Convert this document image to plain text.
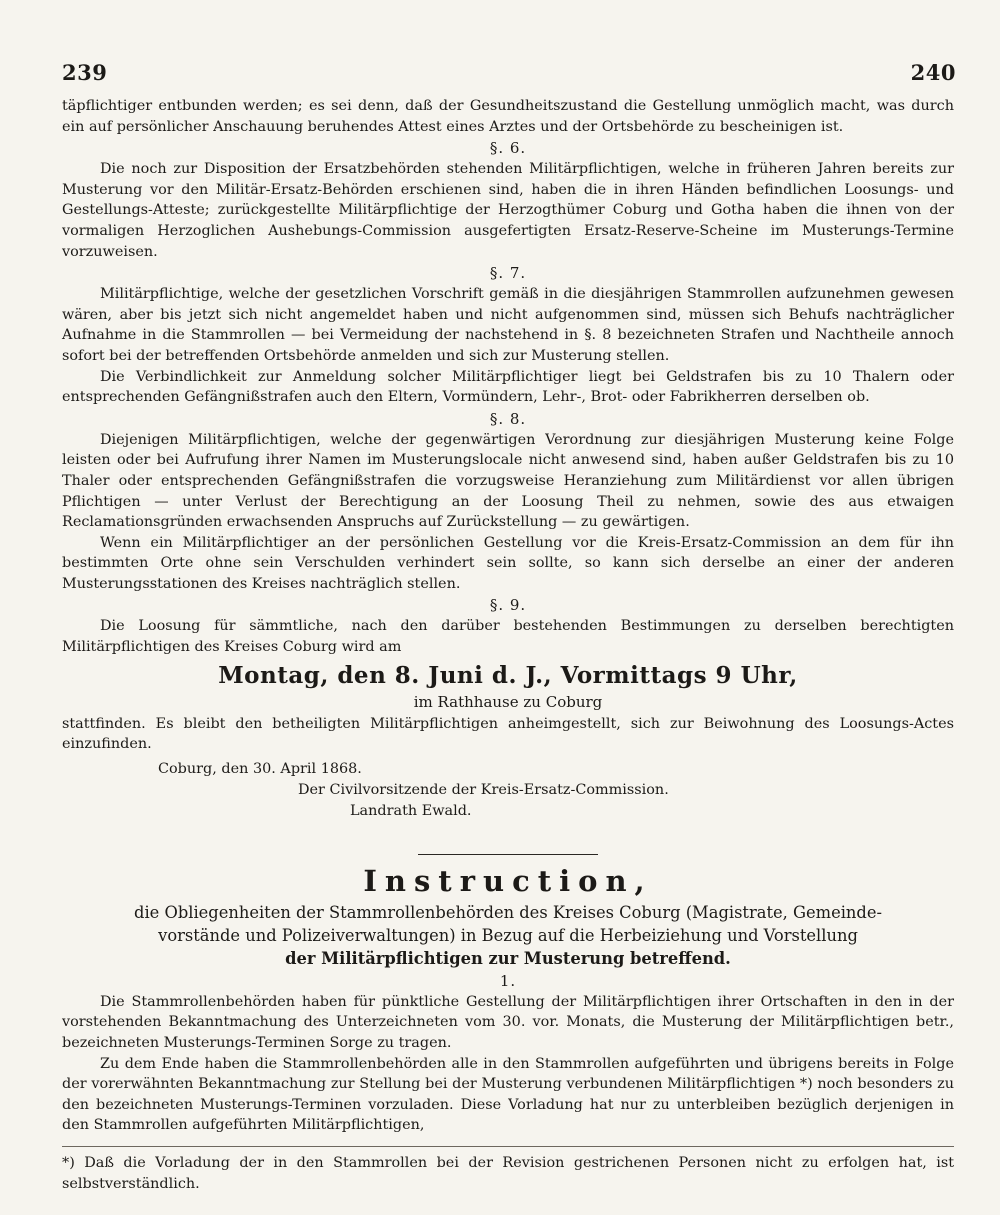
239	240

täpflichtiger entbunden werden; es sei denn, daß der Gesundheitszustand die Gestellung unmöglich macht, was durch ein auf persönlicher Anschauung beruhendes Attest eines Arztes und der Ortsbehörde zu bescheinigen ist.

§. 6.

Die noch zur Disposition der Ersatzbehörden stehenden Militärpflichtigen, welche in früheren Jahren bereits zur Musterung vor den Militär-Ersatz-Behörden erschienen sind, haben die in ihren Händen befindlichen Loosungs- und Gestellungs-Atteste; zurückgestellte Militärpflichtige der Herzogthümer Coburg und Gotha haben die ihnen von der vormaligen Herzoglichen Aushebungs-Commission ausgefertigten Ersatz-Reserve-Scheine im Musterungs-Termine vorzuweisen.

§. 7.

Militärpflichtige, welche der gesetzlichen Vorschrift gemäß in die diesjährigen Stammrollen aufzunehmen gewesen wären, aber bis jetzt sich nicht angemeldet haben und nicht aufgenommen sind, müssen sich Behufs nachträglicher Aufnahme in die Stammrollen — bei Vermeidung der nachstehend in §. 8 bezeichneten Strafen und Nachtheile annoch sofort bei der betreffenden Ortsbehörde anmelden und sich zur Musterung stellen.

Die Verbindlichkeit zur Anmeldung solcher Militärpflichtiger liegt bei Geldstrafen bis zu 10 Thalern oder entsprechenden Gefängnißstrafen auch den Eltern, Vormündern, Lehr-, Brot- oder Fabrikherren derselben ob.

§. 8.

Diejenigen Militärpflichtigen, welche der gegenwärtigen Verordnung zur diesjährigen Musterung keine Folge leisten oder bei Aufrufung ihrer Namen im Musterungslocale nicht anwesend sind, haben außer Geldstrafen bis zu 10 Thaler oder entsprechenden Gefängnißstrafen die vorzugsweise Heranziehung zum Militärdienst vor allen übrigen Pflichtigen — unter Verlust der Berechtigung an der Loosung Theil zu nehmen, sowie des aus etwaigen Reclamationsgründen erwachsenden Anspruchs auf Zurückstellung — zu gewärtigen.

Wenn ein Militärpflichtiger an der persönlichen Gestellung vor die Kreis-Ersatz-Commission an dem für ihn bestimmten Orte ohne sein Verschulden verhindert sein sollte, so kann sich derselbe an einer der anderen Musterungsstationen des Kreises nachträglich stellen.

§. 9.

Die Loosung für sämmtliche, nach den darüber bestehenden Bestimmungen zu derselben berechtigten Militärpflichtigen des Kreises Coburg wird am

Montag, den 8. Juni d. J., Vormittags 9 Uhr,

im Rathhause zu Coburg

stattfinden. Es bleibt den betheiligten Militärpflichtigen anheimgestellt, sich zur Beiwohnung des Loosungs-Actes einzufinden.

Coburg, den 30. April 1868.

Der Civilvorsitzende der Kreis-Ersatz-Commission.

Landrath Ewald.

Instruction,

die Obliegenheiten der Stammrollenbehörden des Kreises Coburg (Magistrate, Gemeinde-

vorstände und Polizeiverwaltungen) in Bezug auf die Herbeiziehung und Vorstellung

der Militärpflichtigen zur Musterung betreffend.

1.

Die Stammrollenbehörden haben für pünktliche Gestellung der Militärpflichtigen ihrer Ortschaften in den in der vorstehenden Bekanntmachung des Unterzeichneten vom 30. vor. Monats, die Musterung der Militärpflichtigen betr., bezeichneten Musterungs-Terminen Sorge zu tragen.

Zu dem Ende haben die Stammrollenbehörden alle in den Stammrollen aufgeführten und übrigens bereits in Folge der vorerwähnten Bekanntmachung zur Stellung bei der Musterung verbundenen Militärpflichtigen *) noch besonders zu den bezeichneten Musterungs-Terminen vorzuladen. Diese Vorladung hat nur zu unterbleiben bezüglich derjenigen in den Stammrollen aufgeführten Militärpflichtigen,

*) Daß die Vorladung der in den Stammrollen bei der Revision gestrichenen Personen nicht zu erfolgen hat, ist selbstverständlich.
